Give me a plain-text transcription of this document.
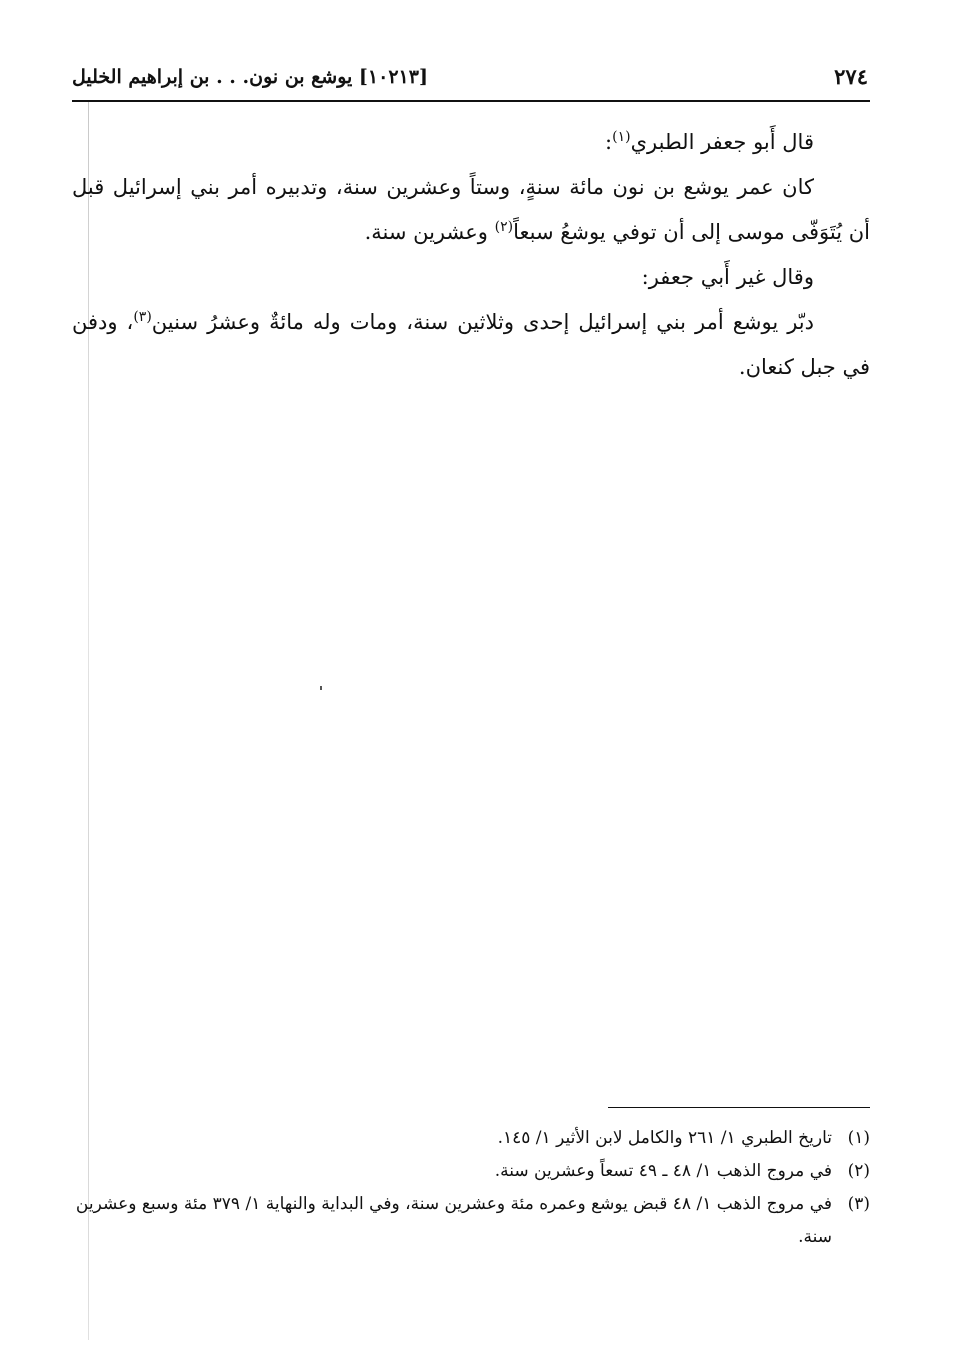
٢٧٤
[١٠٢١٣] يوشع بن نون. . . بن إبراهيم الخليل

قال أَبو جعفر الطبري$^{(١)}$:

كان عمر يوشع بن نون مائة سنةٍ، وستاً وعشرين سنة، وتدبيره أمر بني إسرائيل قبل أن يُتَوَفّى موسى إلى أن توفي يوشعُ سبعاً$^{(٢)}$ وعشرين سنة.

وقال غير أَبي جعفر:

دبّر يوشع أمر بني إسرائيل إحدى وثلاثين سنة، ومات وله مائةٌ وعشرُ سنين$^{(٣)}$، ودفن في جبل كنعان.

(١)
تاريخ الطبري ١/ ٢٦١ والكامل لابن الأثير ١/ ١٤٥.
(٢)
في مروج الذهب ١/ ٤٨ ـ ٤٩ تسعاً وعشرين سنة.
(٣)
في مروج الذهب ١/ ٤٨ قبض يوشع وعمره مئة وعشرين سنة، وفي البداية والنهاية ١/ ٣٧٩ مئة وسبع وعشرين سنة.
